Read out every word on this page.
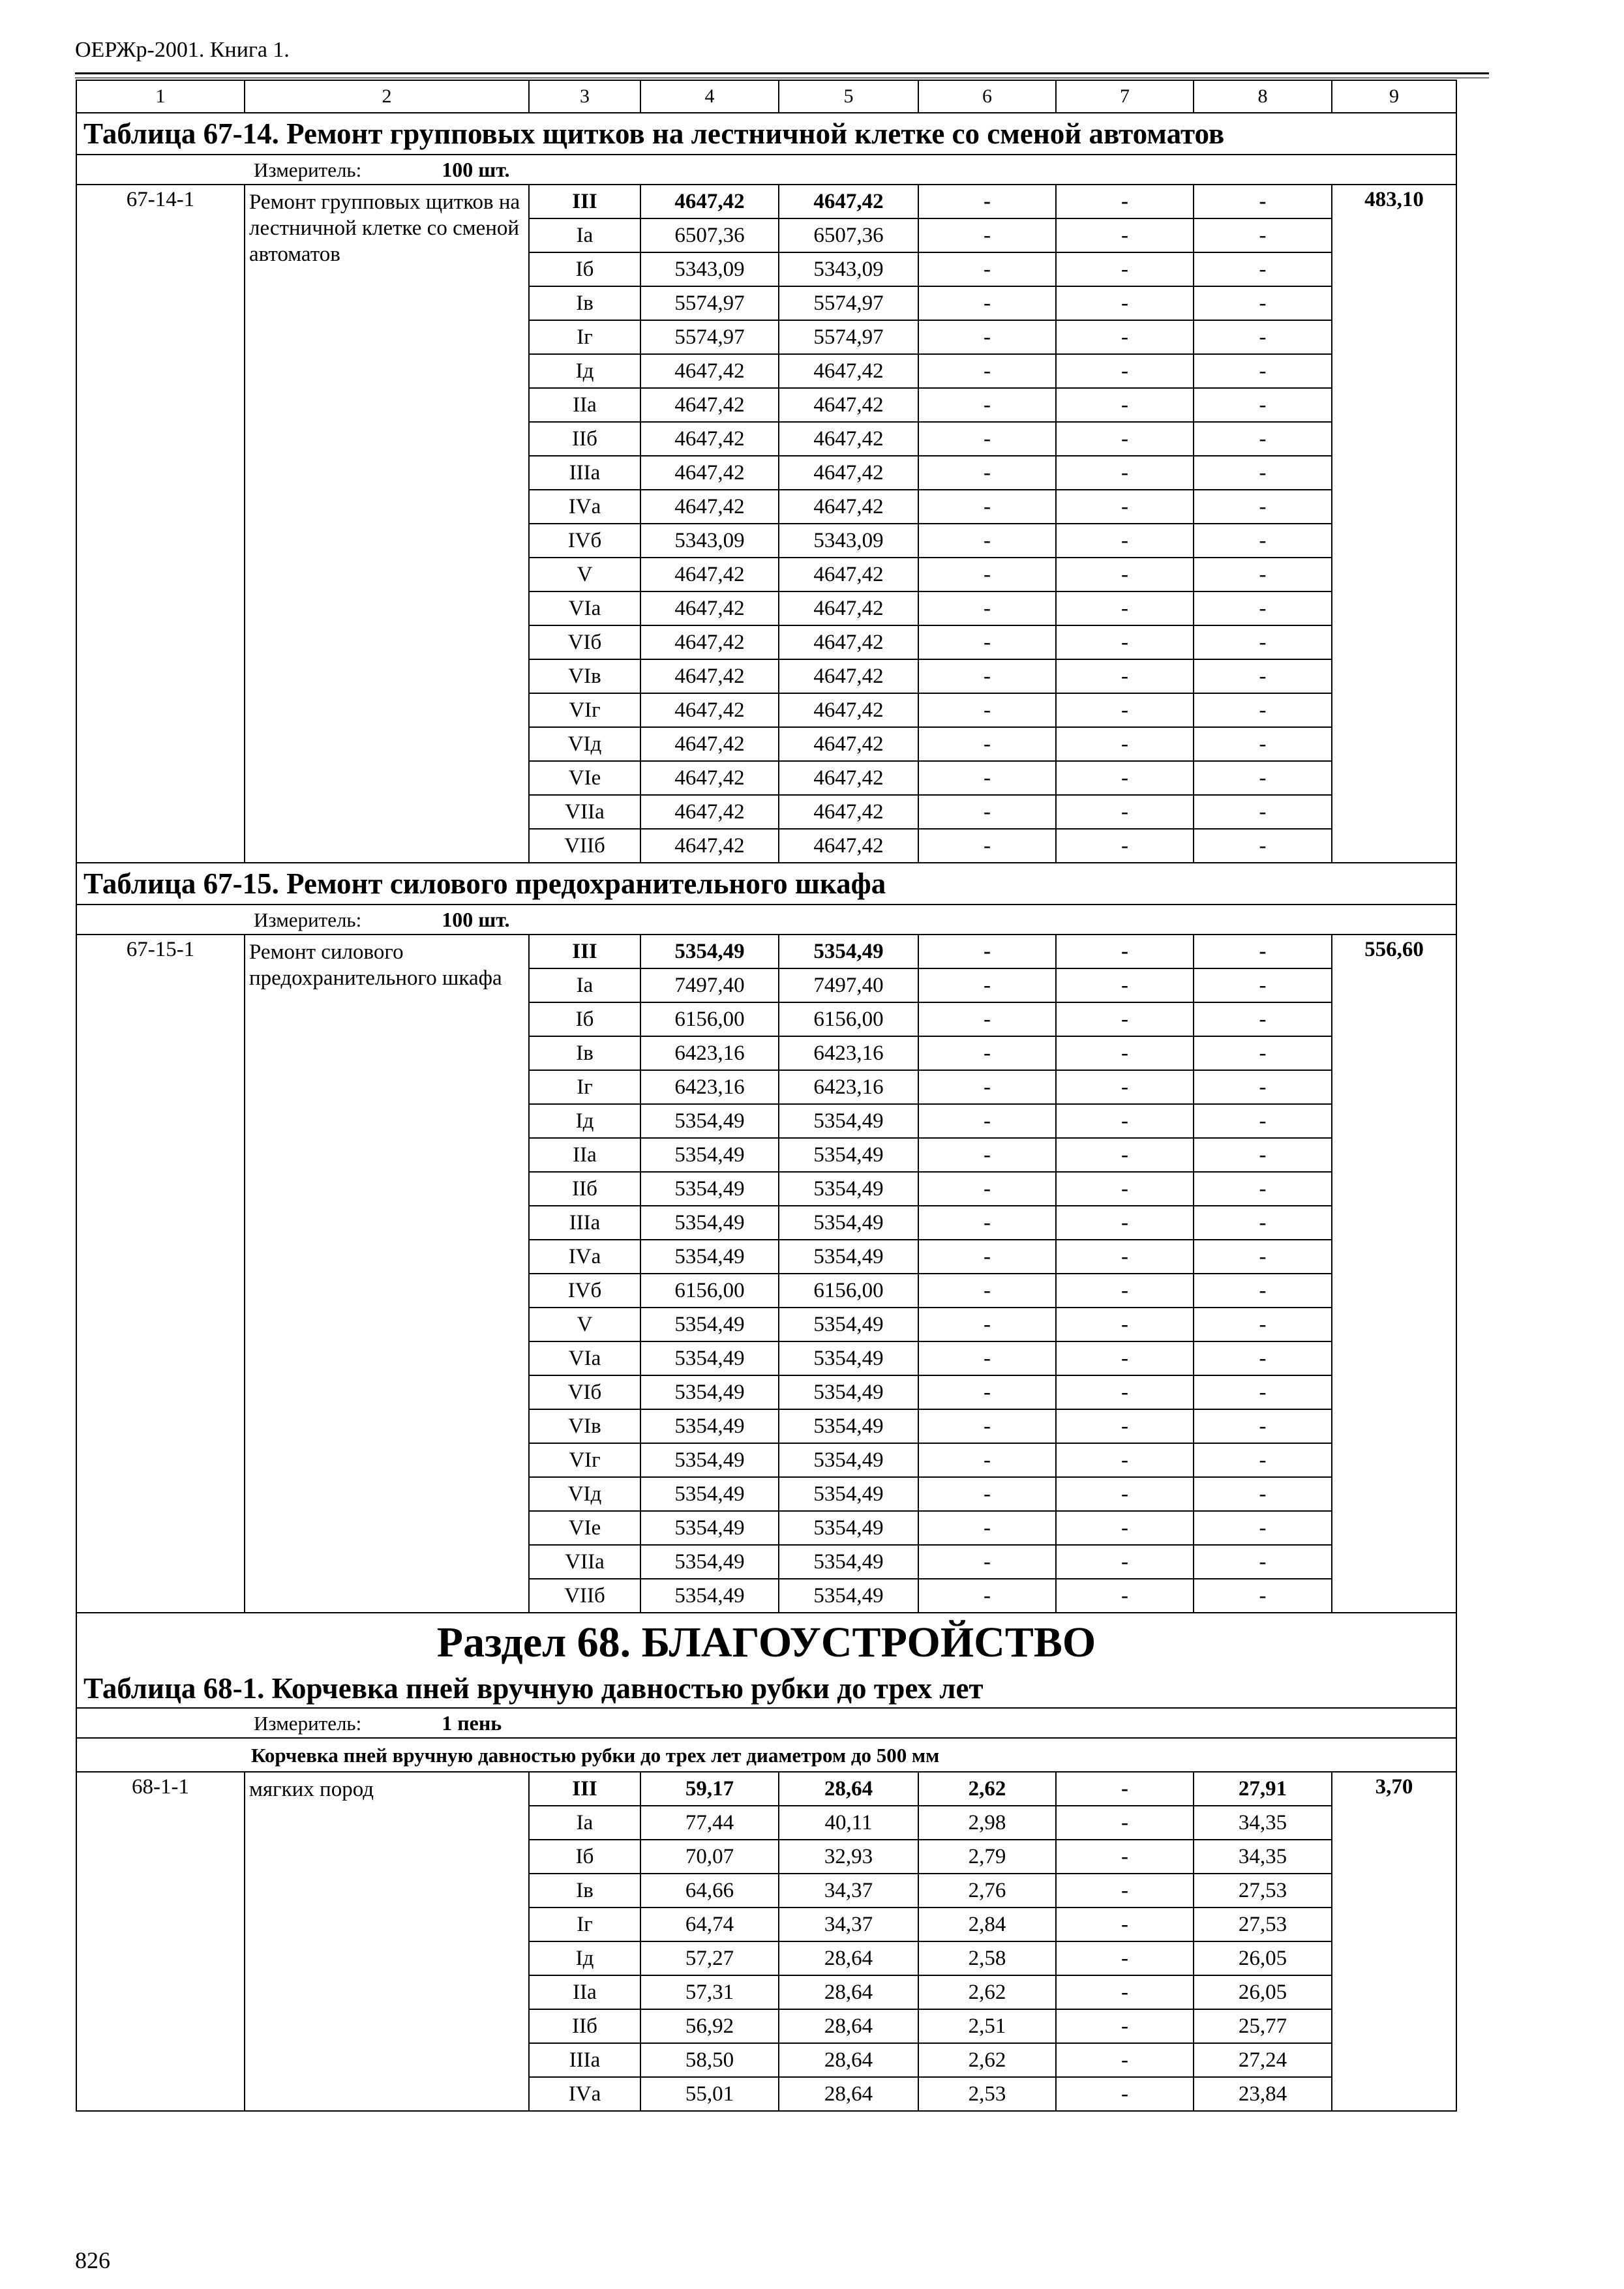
ОЕРЖр-2001. Книга 1.
1	2	3	4	5	6	7	8	9
Таблица 67-14. Ремонт групповых щитков на лестничной клетке со сменой автоматов								
Измеритель: 100 шт.								
67-14-1	Ремонт групповых щитков на лестничной клетке со сменой автоматов	III	4647,42	4647,42	-	-	-	483,10
		Iа	6507,36	6507,36	-	-	-	
		Iб	5343,09	5343,09	-	-	-	
		Iв	5574,97	5574,97	-	-	-	
		Iг	5574,97	5574,97	-	-	-	
		Iд	4647,42	4647,42	-	-	-	
		IIа	4647,42	4647,42	-	-	-	
		IIб	4647,42	4647,42	-	-	-	
		IIIа	4647,42	4647,42	-	-	-	
		IVа	4647,42	4647,42	-	-	-	
		IVб	5343,09	5343,09	-	-	-	
		V	4647,42	4647,42	-	-	-	
		VIа	4647,42	4647,42	-	-	-	
		VIб	4647,42	4647,42	-	-	-	
		VIв	4647,42	4647,42	-	-	-	
		VIг	4647,42	4647,42	-	-	-	
		VIд	4647,42	4647,42	-	-	-	
		VIе	4647,42	4647,42	-	-	-	
		VIIа	4647,42	4647,42	-	-	-	
		VIIб	4647,42	4647,42	-	-	-	
Таблица 67-15. Ремонт силового предохранительного шкафа								
Измеритель: 100 шт.								
67-15-1	Ремонт силового предохранительного шкафа	III	5354,49	5354,49	-	-	-	556,60
		Iа	7497,40	7497,40	-	-	-	
		Iб	6156,00	6156,00	-	-	-	
		Iв	6423,16	6423,16	-	-	-	
		Iг	6423,16	6423,16	-	-	-	
		Iд	5354,49	5354,49	-	-	-	
		IIа	5354,49	5354,49	-	-	-	
		IIб	5354,49	5354,49	-	-	-	
		IIIа	5354,49	5354,49	-	-	-	
		IVа	5354,49	5354,49	-	-	-	
		IVб	6156,00	6156,00	-	-	-	
		V	5354,49	5354,49	-	-	-	
		VIа	5354,49	5354,49	-	-	-	
		VIб	5354,49	5354,49	-	-	-	
		VIв	5354,49	5354,49	-	-	-	
		VIг	5354,49	5354,49	-	-	-	
		VIд	5354,49	5354,49	-	-	-	
		VIе	5354,49	5354,49	-	-	-	
		VIIа	5354,49	5354,49	-	-	-	
		VIIб	5354,49	5354,49	-	-	-	
Раздел 68. БЛАГОУСТРОЙСТВО								
Таблица 68-1. Корчевка пней вручную давностью рубки до трех лет								
Измеритель: 1 пень								
Корчевка пней вручную давностью рубки до трех лет диаметром до 500 мм								
68-1-1	мягких пород	III	59,17	28,64	2,62	-	27,91	3,70
		Iа	77,44	40,11	2,98	-	34,35	
		Iб	70,07	32,93	2,79	-	34,35	
		Iв	64,66	34,37	2,76	-	27,53	
		Iг	64,74	34,37	2,84	-	27,53	
		Iд	57,27	28,64	2,58	-	26,05	
		IIа	57,31	28,64	2,62	-	26,05	
		IIб	56,92	28,64	2,51	-	25,77	
		IIIа	58,50	28,64	2,62	-	27,24	
		IVа	55,01	28,64	2,53	-	23,84	
826
